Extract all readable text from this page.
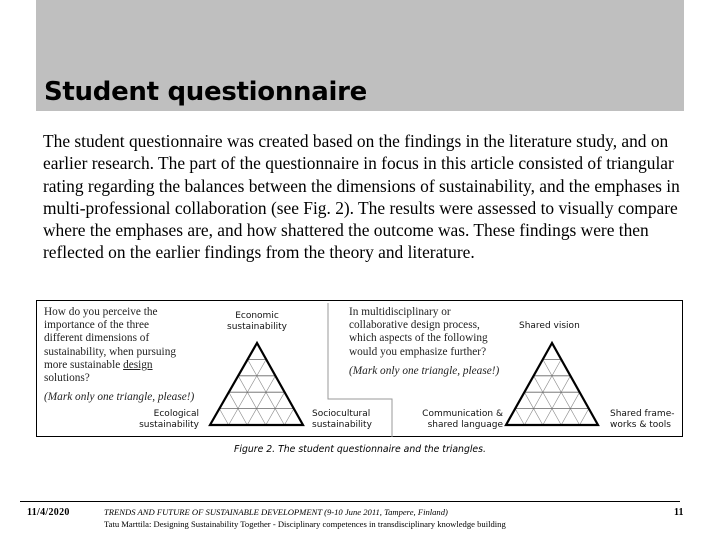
Student questionnaire

The student questionnaire was created based on the findings in the literature study, and on earlier research. The part of the questionnaire in focus in this article consisted of triangular rating regarding the balances between the dimensions of sustainability, and the emphases in multi-professional collaboration (see Fig. 2). The results were assessed to visually compare where the emphases are, and how shattered the outcome was. These findings were then reflected on the earlier findings from the theory and literature.

How do you perceive the
importance of the three
different dimensions of
sustainability, when pursuing
more sustainable design
solutions?
(Mark only one triangle, please!)
Economic
sustainability
Ecological
sustainability
Sociocultural
sustainability
In multidisciplinary or
collaborative design process,
which aspects of the following
would you emphasize further?
(Mark only one triangle, please!)
Shared vision
Communication &
shared language
Shared frame-
works & tools
Figure 2. The student questionnaire and the triangles.
11/4/2020	TRENDS AND FUTURE OF SUSTAINABLE DEVELOPMENT (9-10 June 2011, Tampere, Finland)
Tatu Marttila: Designing Sustainability Together - Disciplinary competences in transdisciplinary knowledge building
11
